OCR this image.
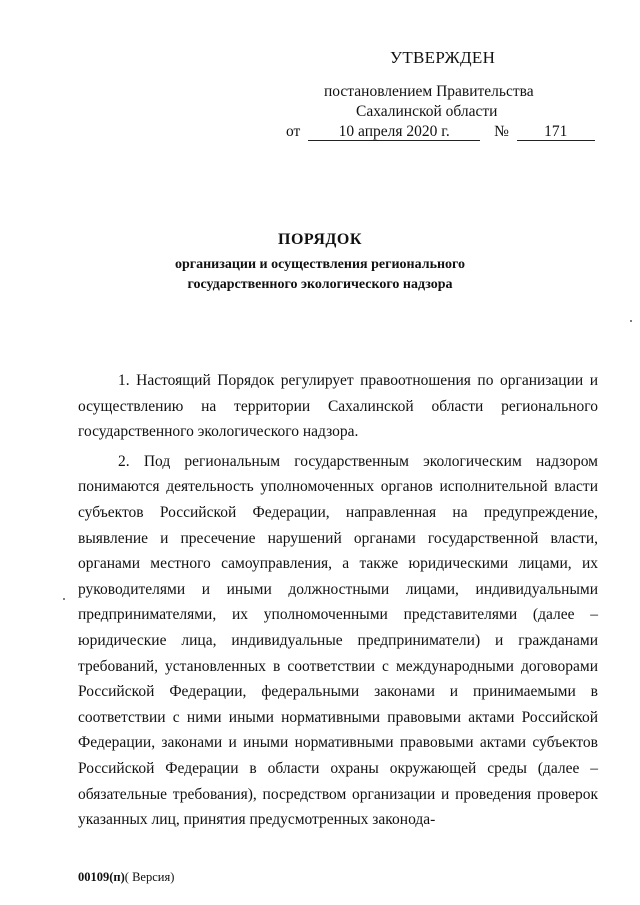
УТВЕРЖДЕН
постановлением Правительства
Сахалинской области
от 10 апреля 2020 г.	№ 171
ПОРЯДОК
организации и осуществления регионального
государственного экологического надзора

1. Настоящий Порядок регулирует правоотношения по организации и осуществлению на территории Сахалинской области регионального государственного экологического надзора.

2. Под региональным государственным экологическим надзором понимаются деятельность уполномоченных органов исполнительной власти субъектов Российской Федерации, направленная на предупреждение, выявление и пресечение нарушений органами государственной власти, органами местного самоуправления, а также юридическими лицами, их руководителями и иными должностными лицами, индивидуальными предпринимателями, их уполномоченными представителями (далее – юридические лица, индивидуальные предприниматели) и гражданами требований, установленных в соответствии с международными договорами Российской Федерации, федеральными законами и принимаемыми в соответствии с ними иными нормативными правовыми актами Российской Федерации, законами и иными нормативными правовыми актами субъектов Российской Федерации в области охраны окружающей среды (далее – обязательные требования), посредством организации и проведения проверок указанных лиц, принятия предусмотренных законода-

00109(п)( Версия)
